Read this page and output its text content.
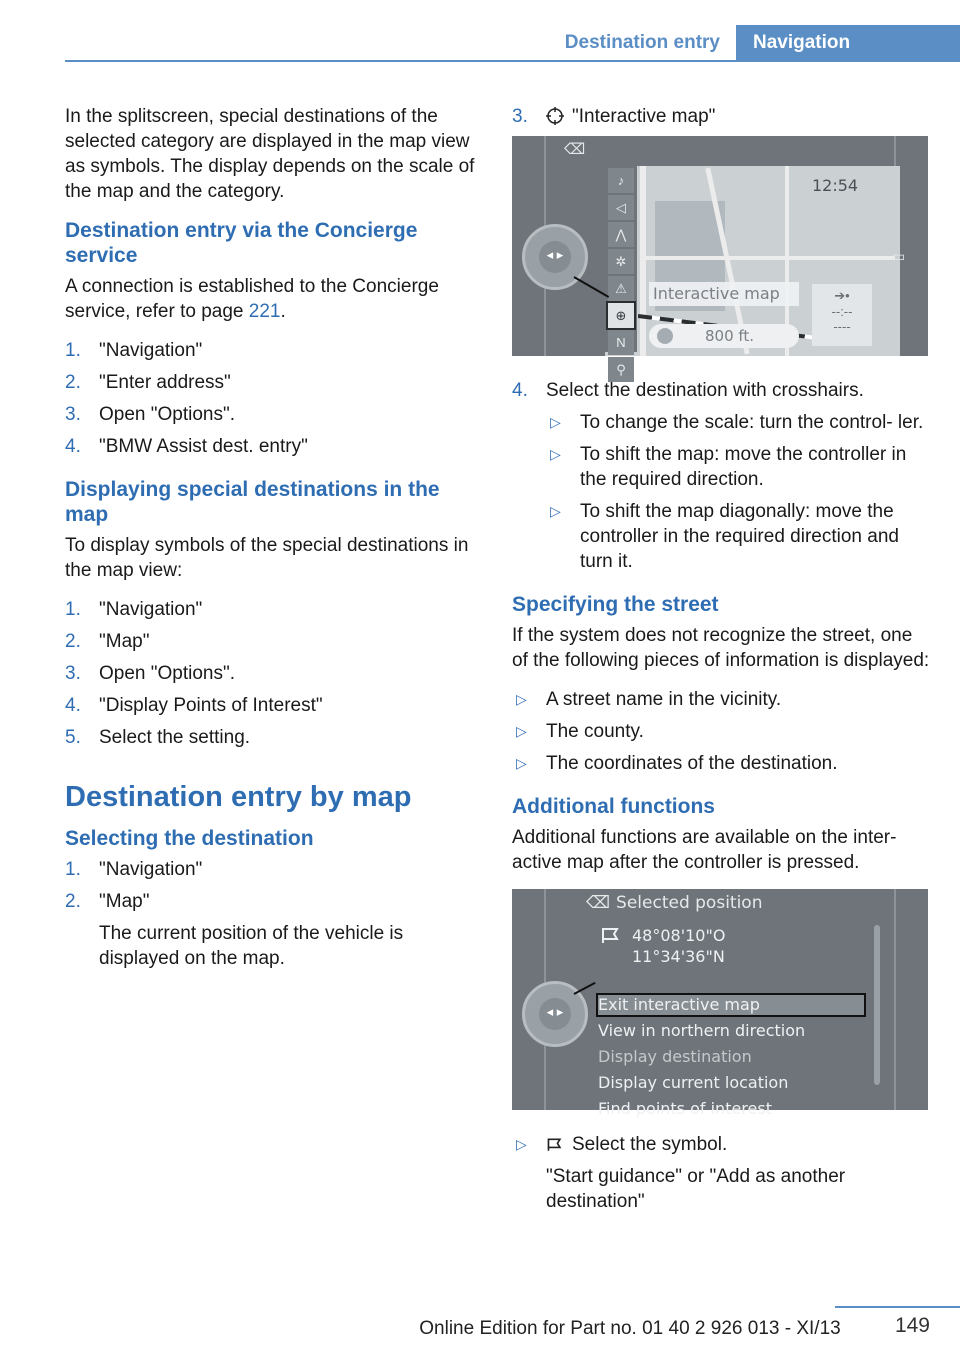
Destination entry	Navigation

In the splitscreen, special destinations of the selected category are displayed in the map view as symbols. The display depends on the scale of the map and the category.

Destination entry via the Concierge service

A connection is established to the Concierge service, refer to page 221.

1. "Navigation"
2. "Enter address"
3. Open "Options".
4. "BMW Assist dest. entry"
Displaying special destinations in the map

To display symbols of the special destinations in the map view:

1. "Navigation"
2. "Map"
3. Open "Options".
4. "Display Points of Interest"
5. Select the setting.
Destination entry by map
Selecting the destination
1. "Navigation"
2. "Map"
The current position of the vehicle is displayed on the map.
3. "Interactive map"
⌫
♪
◁
⋀
✲
⚠
⊕
N
⚲
12:54
Interactive map
800 ft.
➔•
--:--
----
▭
◂ ▸
4. Select the destination with crosshairs.
▷ To change the scale: turn the control- ler.
▷ To shift the map: move the controller in the required direction.
▷ To shift the map diagonally: move the controller in the required direction and turn it.
Specifying the street

If the system does not recognize the street, one of the following pieces of information is displayed:

▷ A street name in the vicinity.
▷ The county.
▷ The coordinates of the destination.
Additional functions

Additional functions are available on the inter- active map after the controller is pressed.

⌫ Selected position
48°08'10"O
11°34'36"N
Exit interactive map
View in northern direction
Display destination
Display current location
Find points of interest
◂ ▸
▷ Select the symbol.
"Start guidance" or "Add as another destination"
149
Online Edition for Part no. 01 40 2 926 013 - XI/13
